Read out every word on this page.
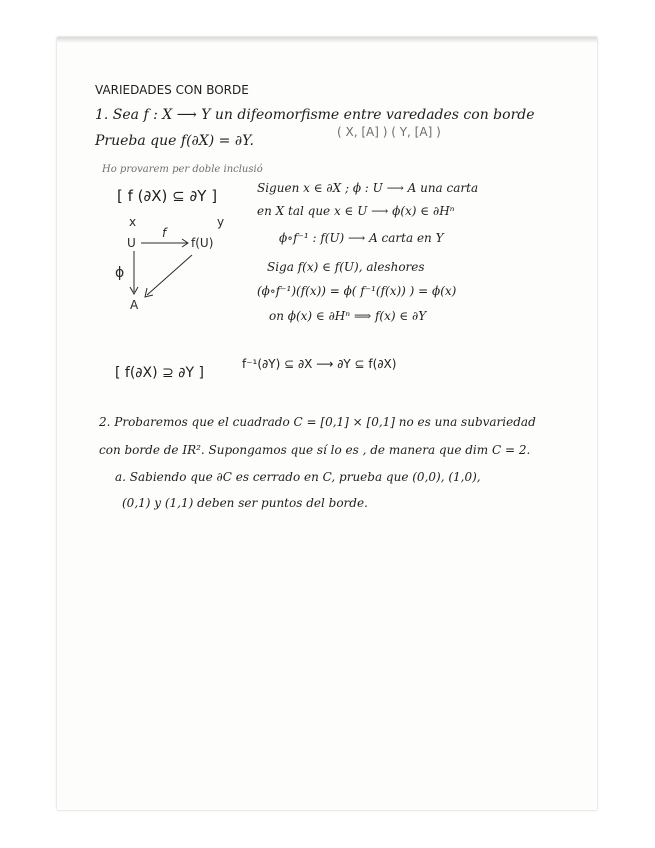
VARIEDADES CON BORDE
1. Sea f : X ⟶ Y un difeomorfisme entre varedades con borde
Prueba que f(∂X) = ∂Y.
( X, [A] ) ( Y, [A] )
Ho provarem per doble inclusió
[ f (∂X) ⊆ ∂Y ]	Siguen x ∈ ∂X ; ϕ : U ⟶ A una carta
en X tal que x ∈ U ⟶ ϕ(x) ∈ ∂Hⁿ
ϕ∘f⁻¹ : f(U) ⟶ A carta en Y
Siga f(x) ∈ f(U), aleshores
(ϕ∘f⁻¹)(f(x)) = ϕ( f⁻¹(f(x)) ) = ϕ(x)
on ϕ(x) ∈ ∂Hⁿ ⟹ f(x) ∈ ∂Y
x	y
U
f
f(U)
ϕ
A
[ f(∂X) ⊇ ∂Y ]
f⁻¹(∂Y) ⊆ ∂X ⟶ ∂Y ⊆ f(∂X)
2. Probaremos que el cuadrado C = [0,1] × [0,1] no es una subvariedad
con borde de IR². Supongamos que sí lo es , de manera que dim C = 2.
a. Sabiendo que ∂C es cerrado en C, prueba que (0,0), (1,0),
(0,1) y (1,1) deben ser puntos del borde.
